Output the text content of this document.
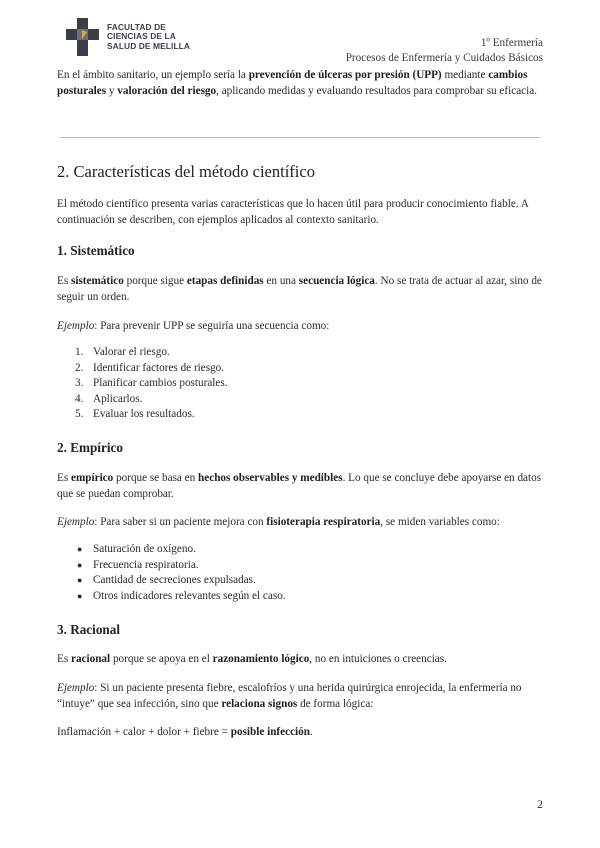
FACULTAD DE
CIENCIAS DE LA
SALUD DE MELILLA	1º Enfermería
Procesos de Enfermería y Cuidados Básicos

En el ámbito sanitario, un ejemplo sería la prevención de úlceras por presión (UPP) mediante cambios posturales y valoración del riesgo, aplicando medidas y evaluando resultados para comprobar su eficacia.

2. Características del método científico

El método científico presenta varias características que lo hacen útil para producir conocimiento fiable. A continuación se describen, con ejemplos aplicados al contexto sanitario.

1. Sistemático

Es sistemático porque sigue etapas definidas en una secuencia lógica. No se trata de actuar al azar, sino de seguir un orden.

Ejemplo: Para prevenir UPP se seguiría una secuencia como:

1. Valorar el riesgo.
2. Identificar factores de riesgo.
3. Planificar cambios posturales.
4. Aplicarlos.
5. Evaluar los resultados.
2. Empírico

Es empírico porque se basa en hechos observables y medibles. Lo que se concluye debe apoyarse en datos que se puedan comprobar.

Ejemplo: Para saber si un paciente mejora con fisioterapia respiratoria, se miden variables como:

● Saturación de oxígeno.
● Frecuencia respiratoria.
● Cantidad de secreciones expulsadas.
● Otros indicadores relevantes según el caso.
3. Racional

Es racional porque se apoya en el razonamiento lógico, no en intuiciones o creencias.

Ejemplo: Si un paciente presenta fiebre, escalofríos y una herida quirúrgica enrojecida, la enfermería no “intuye” que sea infección, sino que relaciona signos de forma lógica:

Inflamación + calor + dolor + fiebre = posible infección.

2
